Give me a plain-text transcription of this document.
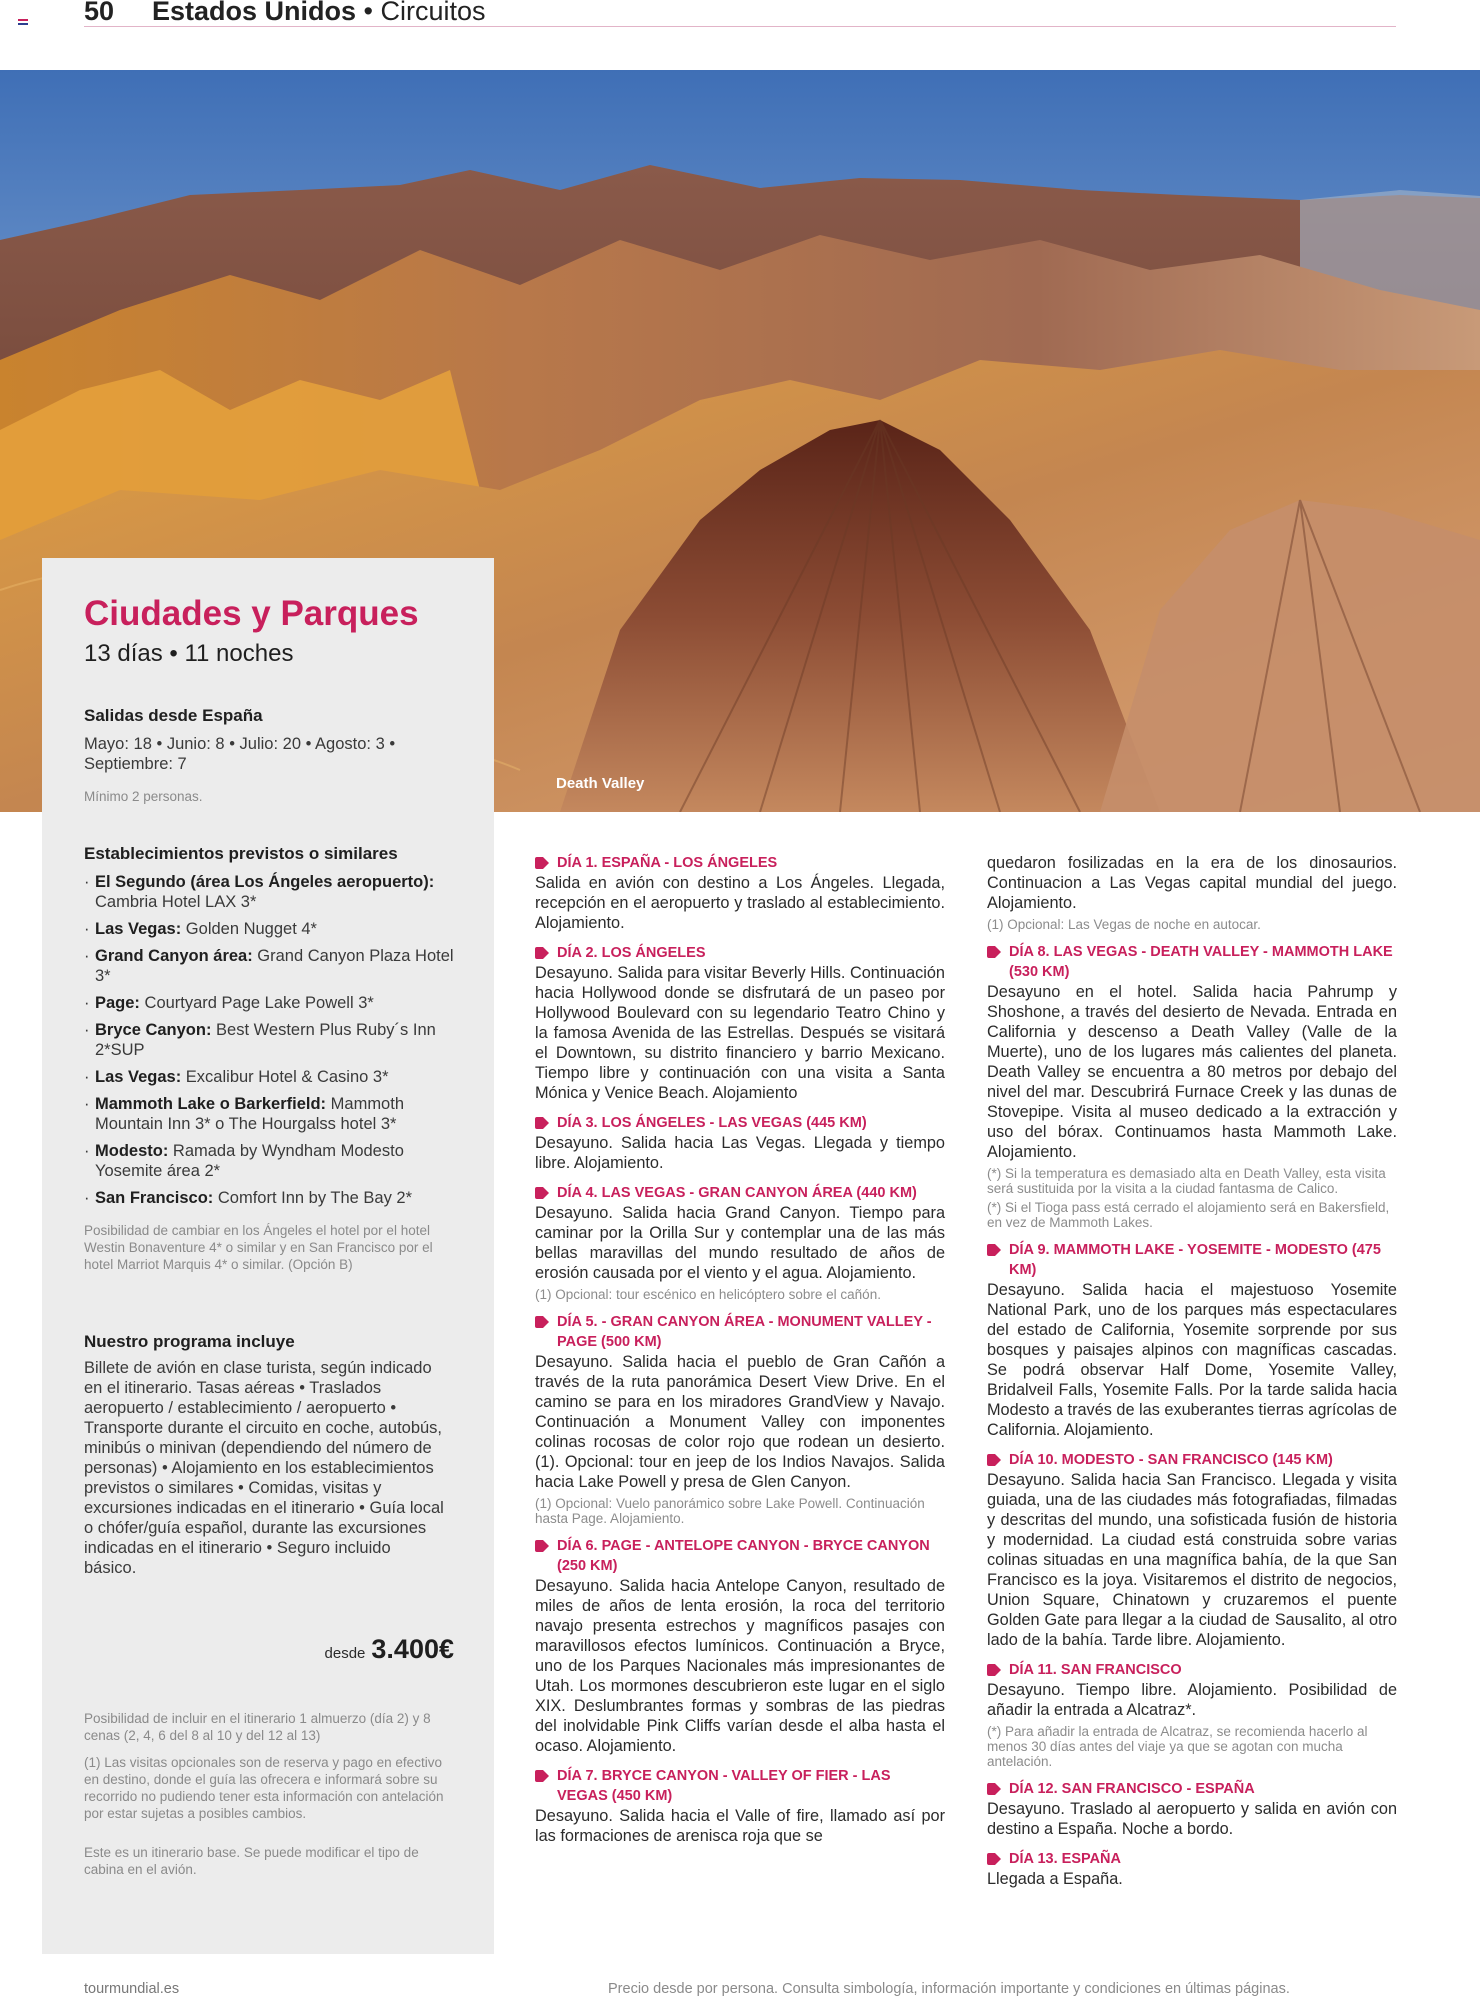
50 Estados Unidos • Circuitos
Death Valley
Ciudades y Parques
13 días • 11 noches
Salidas desde España
Mayo: 18 • Junio: 8 • Julio: 20 • Agosto: 3 • Septiembre: 7
Mínimo 2 personas.
Establecimientos previstos o similares
· El Segundo (área Los Ángeles aeropuerto): Cambria Hotel LAX 3*
· Las Vegas: Golden Nugget 4*
· Grand Canyon área: Grand Canyon Plaza Hotel 3*
· Page: Courtyard Page Lake Powell 3*
· Bryce Canyon: Best Western Plus Ruby´s Inn 2*SUP
· Las Vegas: Excalibur Hotel & Casino 3*
· Mammoth Lake o Barkerfield: Mammoth Mountain Inn 3* o The Hourgalss hotel 3*
· Modesto: Ramada by Wyndham Modesto Yosemite área 2*
· San Francisco: Comfort Inn by The Bay 2*
Posibilidad de cambiar en los Ángeles el hotel por el hotel Westin Bonaventure 4* o similar y en San Francisco por el hotel Marriot Marquis 4* o similar. (Opción B)
Nuestro programa incluye
Billete de avión en clase turista, según indicado en el itinerario. Tasas aéreas • Traslados aeropuerto / establecimiento / aeropuerto • Transporte durante el circuito en coche, autobús, minibús o minivan (dependiendo del número de personas) • Alojamiento en los establecimientos previstos o similares • Comidas, visitas y excursiones indicadas en el itinerario • Guía local o chófer/guía español, durante las excursiones indicadas en el itinerario • Seguro incluido básico.
desde 3.400€
Posibilidad de incluir en el itinerario 1 almuerzo (día 2) y 8 cenas (2, 4, 6 del 8 al 10 y del 12 al 13)
(1) Las visitas opcionales son de reserva y pago en efectivo en destino, donde el guía las ofrecera e informará sobre su recorrido no pudiendo tener esta información con antelación por estar sujetas a posibles cambios.
Este es un itinerario base. Se puede modificar el tipo de cabina en el avión.
DÍA 1. ESPAÑA - LOS ÁNGELES
Salida en avión con destino a Los Ángeles. Llegada, recepción en el aeropuerto y traslado al establecimiento. Alojamiento.
DÍA 2. LOS ÁNGELES
Desayuno. Salida para visitar Beverly Hills. Continuación hacia Hollywood donde se disfrutará de un paseo por Hollywood Boulevard con su legendario Teatro Chino y la famosa Avenida de las Estrellas. Después se visitará el Downtown, su distrito financiero y barrio Mexicano. Tiempo libre y continuación con una visita a Santa Mónica y Venice Beach. Alojamiento
DÍA 3. LOS ÁNGELES - LAS VEGAS (445 KM)
Desayuno. Salida hacia Las Vegas. Llegada y tiempo libre. Alojamiento.
DÍA 4. LAS VEGAS - GRAN CANYON ÁREA (440 KM)
Desayuno. Salida hacia Grand Canyon. Tiempo para caminar por la Orilla Sur y contemplar una de las más bellas maravillas del mundo resultado de años de erosión causada por el viento y el agua. Alojamiento.
(1) Opcional: tour escénico en helicóptero sobre el cañón.
DÍA 5. - GRAN CANYON ÁREA - MONUMENT VALLEY - PAGE (500 KM)
Desayuno. Salida hacia el pueblo de Gran Cañón a través de la ruta panorámica Desert View Drive. En el camino se para en los miradores GrandView y Navajo. Continuación a Monument Valley con imponentes colinas rocosas de color rojo que rodean un desierto. (1). Opcional: tour en jeep de los Indios Navajos. Salida hacia Lake Powell y presa de Glen Canyon.
(1) Opcional: Vuelo panorámico sobre Lake Powell. Continuación hasta Page. Alojamiento.
DÍA 6. PAGE - ANTELOPE CANYON - BRYCE CANYON (250 KM)
Desayuno. Salida hacia Antelope Canyon, resultado de miles de años de lenta erosión, la roca del territorio navajo presenta estrechos y magníficos pasajes con maravillosos efectos lumínicos. Continuación a Bryce, uno de los Parques Nacionales más impresionantes de Utah. Los mormones descubrieron este lugar en el siglo XIX. Deslumbrantes formas y sombras de las piedras del inolvidable Pink Cliffs varían desde el alba hasta el ocaso. Alojamiento.
DÍA 7. BRYCE CANYON - VALLEY OF FIER - LAS VEGAS (450 KM)
Desayuno. Salida hacia el Valle of fire, llamado así por las formaciones de arenisca roja que se
quedaron fosilizadas en la era de los dinosaurios. Continuacion a Las Vegas capital mundial del juego. Alojamiento.
(1) Opcional: Las Vegas de noche en autocar.
DÍA 8. LAS VEGAS - DEATH VALLEY - MAMMOTH LAKE (530 KM)
Desayuno en el hotel. Salida hacia Pahrump y Shoshone, a través del desierto de Nevada. Entrada en California y descenso a Death Valley (Valle de la Muerte), uno de los lugares más calientes del planeta. Death Valley se encuentra a 80 metros por debajo del nivel del mar. Descubrirá Furnace Creek y las dunas de Stovepipe. Visita al museo dedicado a la extracción y uso del bórax. Continuamos hasta Mammoth Lake. Alojamiento.
(*) Si la temperatura es demasiado alta en Death Valley, esta visita será sustituida por la visita a la ciudad fantasma de Calico.
(*) Si el Tioga pass está cerrado el alojamiento será en Bakersfield, en vez de Mammoth Lakes.
DÍA 9. MAMMOTH LAKE - YOSEMITE - MODESTO (475 KM)
Desayuno. Salida hacia el majestuoso Yosemite National Park, uno de los parques más espectaculares del estado de California, Yosemite sorprende por sus bosques y paisajes alpinos con magníficas cascadas. Se podrá observar Half Dome, Yosemite Valley, Bridalveil Falls, Yosemite Falls. Por la tarde salida hacia Modesto a través de las exuberantes tierras agrícolas de California. Alojamiento.
DÍA 10. MODESTO - SAN FRANCISCO (145 KM)
Desayuno. Salida hacia San Francisco. Llegada y visita guiada, una de las ciudades más fotografiadas, filmadas y descritas del mundo, una sofisticada fusión de historia y modernidad. La ciudad está construida sobre varias colinas situadas en una magnífica bahía, de la que San Francisco es la joya. Visitaremos el distrito de negocios, Union Square, Chinatown y cruzaremos el puente Golden Gate para llegar a la ciudad de Sausalito, al otro lado de la bahía. Tarde libre. Alojamiento.
DÍA 11. SAN FRANCISCO
Desayuno. Tiempo libre. Alojamiento. Posibilidad de añadir la entrada a Alcatraz*.
(*) Para añadir la entrada de Alcatraz, se recomienda hacerlo al menos 30 días antes del viaje ya que se agotan con mucha antelación.
DÍA 12. SAN FRANCISCO - ESPAÑA
Desayuno. Traslado al aeropuerto y salida en avión con destino a España. Noche a bordo.
DÍA 13. ESPAÑA
Llegada a España.
tourmundial.es	Precio desde por persona. Consulta simbología, información importante y condiciones en últimas páginas.
